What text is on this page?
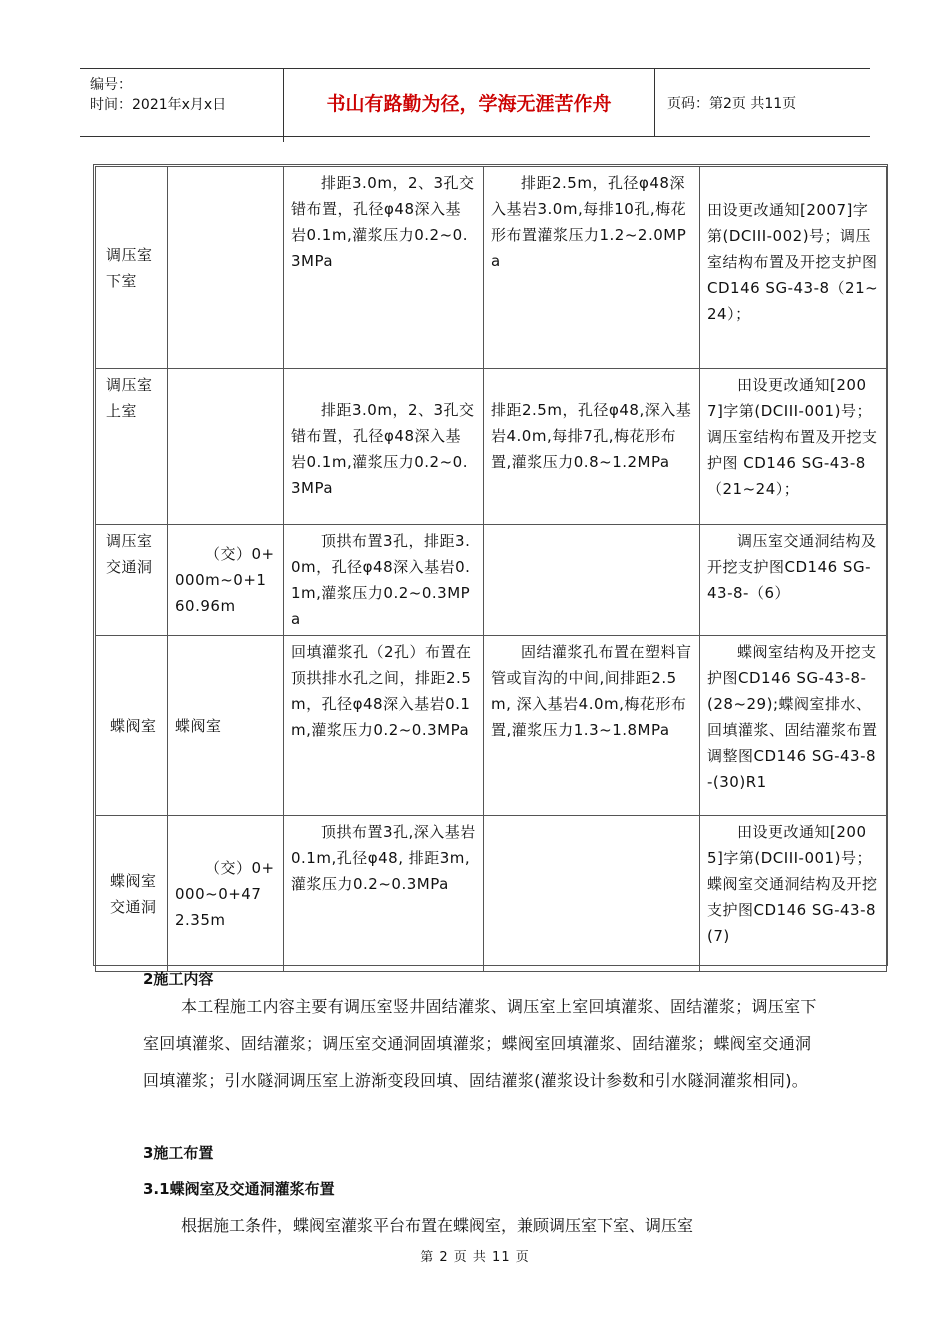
编号：
时间：2021年x月x日	书山有路勤为径，学海无涯苦作舟	页码：第2页 共11页
调压室下室		排距3.0m，2、3孔交错布置，孔径φ48深入基岩0.1m,灌浆压力0.2~0.3MPa	排距2.5m，孔径φ48深入基岩3.0m,每排10孔,梅花形布置灌浆压力1.2~2.0MPa	田设更改通知[2007]字第(DCIII-002)号；调压室结构布置及开挖支护图 CD146 SG-43-8（21~24）；
调压室上室		排距3.0m，2、3孔交错布置，孔径φ48深入基岩0.1m,灌浆压力0.2~0.3MPa	排距2.5m，孔径φ48,深入基岩4.0m,每排7孔,梅花形布置,灌浆压力0.8~1.2MPa	田设更改通知[2007]字第(DCIII-001)号；调压室结构布置及开挖支护图 CD146 SG-43-8（21~24）；
调压室交通洞	（交）0+000m~0+160.96m	顶拱布置3孔，排距3.0m，孔径φ48深入基岩0.1m,灌浆压力0.2~0.3MPa		调压室交通洞结构及开挖支护图CD146 SG-43-8-（6）
蝶阀室	蝶阀室	回填灌浆孔（2孔）布置在顶拱排水孔之间，排距2.5m，孔径φ48深入基岩0.1m,灌浆压力0.2~0.3MPa	固结灌浆孔布置在塑料盲管或盲沟的中间,间排距2.5m, 深入基岩4.0m,梅花形布置,灌浆压力1.3~1.8MPa	蝶阀室结构及开挖支护图CD146 SG-43-8-(28~29);蝶阀室排水、回填灌浆、固结灌浆布置调整图CD146 SG-43-8-(30)R1
蝶阀室交通洞	（交）0+000~0+472.35m	顶拱布置3孔,深入基岩0.1m,孔径φ48, 排距3m,灌浆压力0.2~0.3MPa		田设更改通知[2005]字第(DCIII-001)号；蝶阀室交通洞结构及开挖支护图CD146 SG-43-8(7)
2施工内容
本工程施工内容主要有调压室竖井固结灌浆、调压室上室回填灌浆、固结灌浆；调压室下室回填灌浆、固结灌浆；调压室交通洞固填灌浆；蝶阀室回填灌浆、固结灌浆；蝶阀室交通洞回填灌浆；引水隧洞调压室上游渐变段回填、固结灌浆(灌浆设计参数和引水隧洞灌浆相同)。
3施工布置
3.1蝶阀室及交通洞灌浆布置
根据施工条件，蝶阀室灌浆平台布置在蝶阀室，兼顾调压室下室、调压室
第 2 页 共 11 页
